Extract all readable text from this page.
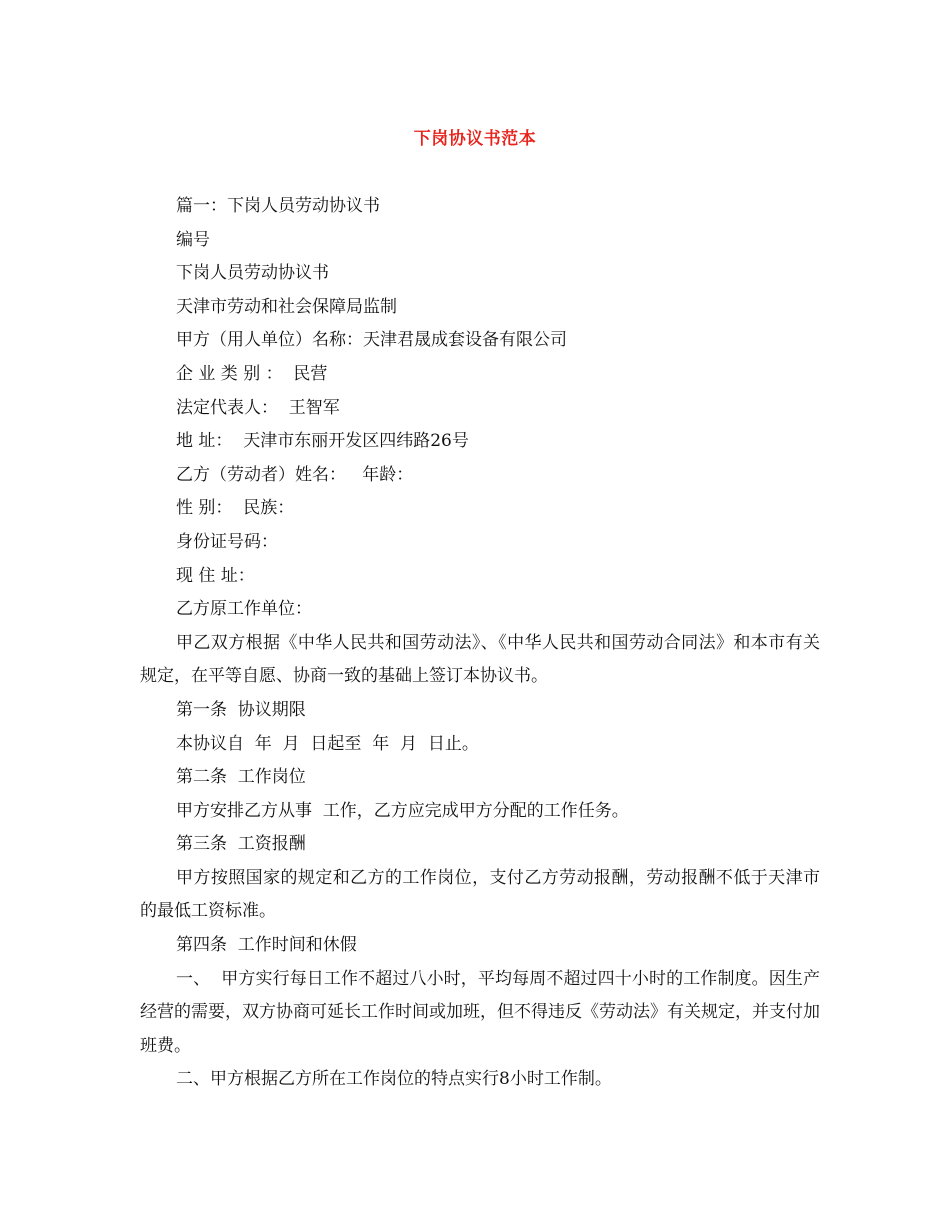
下岗协议书范本

篇一：下岗人员劳动协议书

编号

下岗人员劳动协议书

天津市劳动和社会保障局监制

甲方（用人单位）名称：天津君晟成套设备有限公司

企 业 类 别 ：  民营

法定代表人：  王智军

地 址：  天津市东丽开发区四纬路26号

乙方（劳动者）姓名：   年龄：

性 别：  民族：

身份证号码：

现 住 址：

乙方原工作单位：

甲乙双方根据《中华人民共和国劳动法》、《中华人民共和国劳动合同法》和本市有关规定，在平等自愿、协商一致的基础上签订本协议书。

第一条  协议期限

本协议自  年  月  日起至  年  月  日止。

第二条  工作岗位

甲方安排乙方从事  工作，乙方应完成甲方分配的工作任务。

第三条  工资报酬

甲方按照国家的规定和乙方的工作岗位，支付乙方劳动报酬，劳动报酬不低于天津市的最低工资标准。

第四条  工作时间和休假

一、  甲方实行每日工作不超过八小时，平均每周不超过四十小时的工作制度。因生产经营的需要，双方协商可延长工作时间或加班，但不得违反《劳动法》有关规定，并支付加班费。

二、甲方根据乙方所在工作岗位的特点实行8小时工作制。
